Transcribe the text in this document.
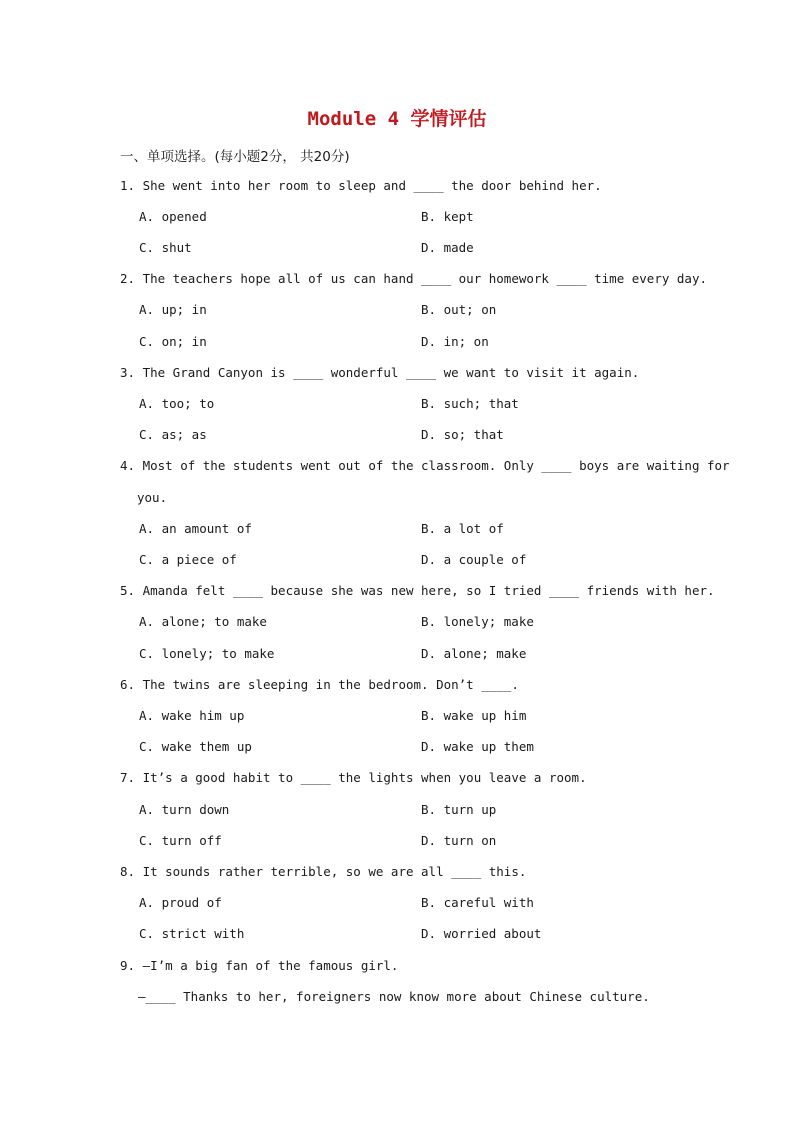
Module 4 学情评估
一、单项选择。(每小题2分， 共20分)
1. She went into her room to sleep and ____ the door behind her.
A. opened	B. kept
C. shut	D. made
2. The teachers hope all of us can hand ____ our homework ____ time every day.
A. up; in	B. out; on
C. on; in	D. in; on
3. The Grand Canyon is ____ wonderful ____ we want to visit it again.
A. too; to	B. such; that
C. as; as	D. so; that
4. Most of the students went out of the classroom. Only ____ boys are waiting for
you.
A. an amount of	B. a lot of
C. a piece of	D. a couple of
5. Amanda felt ____ because she was new here, so I tried ____ friends with her.
A. alone; to make	B. lonely; make
C. lonely; to make	D. alone; make
6. The twins are sleeping in the bedroom. Don’t ____.
A. wake him up	B. wake up him
C. wake them up	D. wake up them
7. It’s a good habit to ____ the lights when you leave a room.
A. turn down	B. turn up
C. turn off	D. turn on
8. It sounds rather terrible, so we are all ____ this.
A. proud of	B. careful with
C. strict with	D. worried about
9. —I’m a big fan of the famous girl.
—____ Thanks to her, foreigners now know more about Chinese culture.
